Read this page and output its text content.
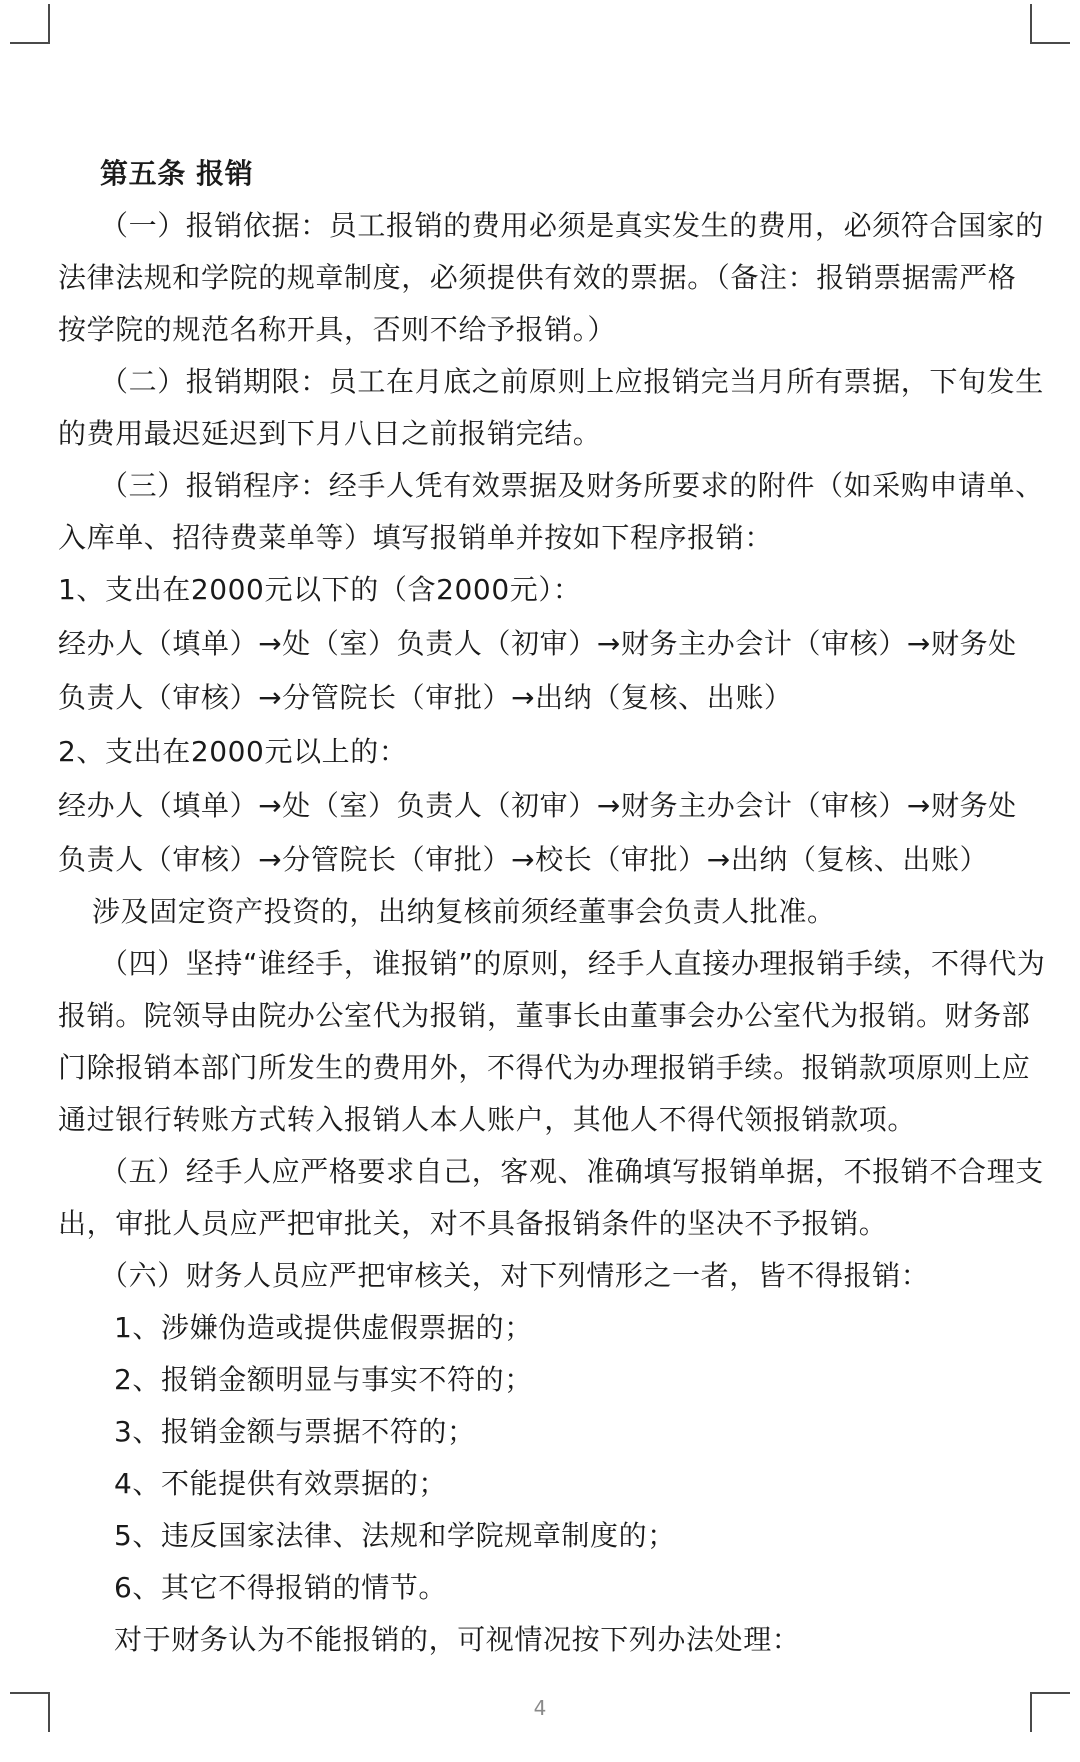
第五条 报销
（一）报销依据：员工报销的费用必须是真实发生的费用，必须符合国家的
法律法规和学院的规章制度，必须提供有效的票据。（备注：报销票据需严格
按学院的规范名称开具，否则不给予报销。）
（二）报销期限：员工在月底之前原则上应报销完当月所有票据，下旬发生
的费用最迟延迟到下月八日之前报销完结。
（三）报销程序：经手人凭有效票据及财务所要求的附件（如采购申请单、
入库单、招待费菜单等）填写报销单并按如下程序报销：
1、支出在2000元以下的（含2000元）：
经办人（填单）→处（室）负责人（初审）→财务主办会计（审核）→财务处
负责人（审核）→分管院长（审批）→出纳（复核、出账）
2、支出在2000元以上的：
经办人（填单）→处（室）负责人（初审）→财务主办会计（审核）→财务处
负责人（审核）→分管院长（审批）→校长（审批）→出纳（复核、出账）
涉及固定资产投资的，出纳复核前须经董事会负责人批准。
（四）坚持“谁经手，谁报销”的原则，经手人直接办理报销手续，不得代为
报销。院领导由院办公室代为报销，董事长由董事会办公室代为报销。财务部
门除报销本部门所发生的费用外，不得代为办理报销手续。报销款项原则上应
通过银行转账方式转入报销人本人账户，其他人不得代领报销款项。
（五）经手人应严格要求自己，客观、准确填写报销单据，不报销不合理支
出，审批人员应严把审批关，对不具备报销条件的坚决不予报销。
（六）财务人员应严把审核关，对下列情形之一者，皆不得报销：
1、涉嫌伪造或提供虚假票据的；
2、报销金额明显与事实不符的；
3、报销金额与票据不符的；
4、不能提供有效票据的；
5、违反国家法律、法规和学院规章制度的；
6、其它不得报销的情节。
对于财务认为不能报销的，可视情况按下列办法处理：
4
